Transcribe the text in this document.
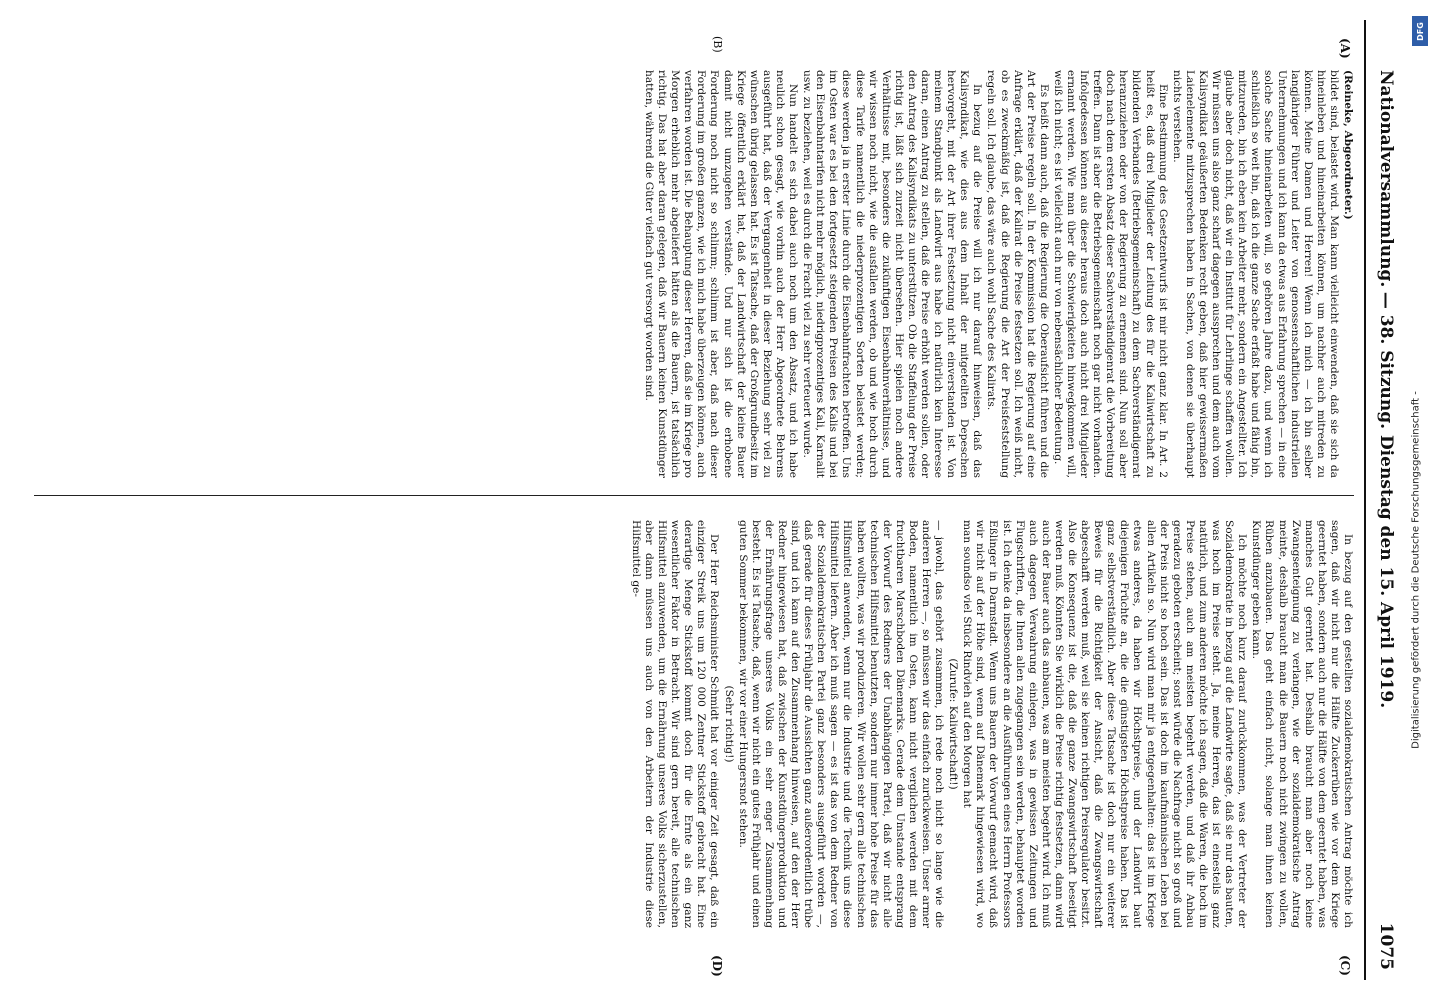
Nationalversammlung.
— 38. Sitzung. Dienstag den 15. April 1919.
1075
(A)
(B)
(C)
(D)

(Reineke, Abgeordneter.)

bildet sind, belastet wird. Man kann vielleicht einwenden, daß sie sich da hineinleben und hineinarbeiten können, um nachher auch mitreden zu können. Meine Damen und Herren! Wenn ich mich — ich bin selber langjähriger Führer und Leiter von genossenschaftlichen industriellen Unternehmungen und ich kann da etwas aus Erfahrung sprechen — in eine solche Sache hineinarbeiten will, so gehören Jahre dazu, und wenn ich schließlich so weit bin, daß ich die ganze Sache erfaßt habe und fähig bin, mitzureden, bin ich eben kein Arbeiter mehr, sondern ein Angestellter. Ich glaube aber doch nicht, daß wir ein Institut für Lehrlinge schaffen wollen. Wir müssen uns also ganz scharf dagegen aussprechen und dem auch vom Kalisyndikat geäußerten Bedenken recht geben, daß hier gewissermaßen Laienelemente mitzusprechen haben in Sachen, von denen sie überhaupt nichts verstehen.

Eine Bestimmung des Gesetzentwurfs ist mir nicht ganz klar. In Art. 2 heißt es, daß drei Mitglieder der Leitung des für die Kaliwirtschaft zu bildenden Verbandes (Betriebsgemeinschaft) zu dem Sachverständigenrat heranzuziehen oder von der Regierung zu ernennen sind. Nun soll aber doch nach dem ersten Absatz dieser Sachverständigenrat die Vorbereitung treffen. Dann ist aber die Betriebsgemeinschaft noch gar nicht vorhanden. Infolgedessen können aus dieser heraus doch auch nicht drei Mitglieder ernannt werden. Wie man über die Schwierigkeiten hinwegkommen will, weiß ich nicht; es ist vielleicht auch nur von nebensächlicher Bedeutung.

Es heißt dann auch, daß die Regierung die Oberaufsicht führen und die Art der Preise regeln soll. In der Kommission hat die Regierung auf eine Anfrage erklärt, daß der Kalirat die Preise festsetzen soll. Ich weiß nicht, ob es zweckmäßig ist, daß die Regierung die Art der Preisfeststellung regeln soll. Ich glaube, das wäre auch wohl Sache des Kalirats.

In bezug auf die Preise will ich nur darauf hinweisen, daß das Kalisyndikat, wie dies aus dem Inhalt der mitgeteilten Depeschen hervorgeht, mit der Art ihrer Festsetzung nicht einverstanden ist. Von meinem Standpunkt als Landwirt aus habe ich natürlich kein Interesse daran, einen Antrag zu stellen, daß die Preise erhöht werden sollen, oder den Antrag des Kalisyndikats zu unterstützen. Ob die Staffelung der Preise richtig ist, läßt sich zurzeit nicht übersehen. Hier spielen noch andere Verhältnisse mit, besonders die zukünftigen Eisenbahnverhältnisse, und wir wissen noch nicht, wie die ausfallen werden, ob und wie hoch durch diese Tarife namentlich die niederprozentigen Sorten belastet werden; diese werden ja in erster Linie durch die Eisenbahnfrachten betroffen. Uns im Osten war es bei den fortgesetzt steigenden Preisen des Kalis und bei den Eisenbahntarifen nicht mehr möglich, niedrigprozentiges Kali, Karnalit usw. zu beziehen, weil es durch die Fracht viel zu sehr verteuert wurde.

Nun handelt es sich dabei auch noch um den Absatz, und ich habe neulich schon gesagt, wie vorhin auch der Herr Abgeordnete Behrens ausgeführt hat, daß der Vergangenheit in dieser Beziehung sehr viel zu wünschen übrig gelassen hat. Es ist Tatsache, daß der Großgrundbesitz im Kriege öffentlich erklärt hat, daß der Landwirtschaft der kleine Bauer damit nicht umzugehen verstände. Und nur sich ist die erhobene Forderung noch nicht so schlimm; schlimm ist aber, daß nach dieser Forderung im großen ganzen, wie ich mich habe überzeugen können, auch verfahren worden ist. Die Behauptung dieser Herren, daß sie im Kriege pro Morgen erheblich mehr abgeliefert hätten als die Bauern, ist tatsächlich richtig. Das hat aber daran gelegen, daß wir Bauern keinen Kunstdünger hatten, während die Güter vielfach gut versorgt worden sind.

In bezug auf den gestellten sozialdemokratischen Antrag möchte ich sagen, daß wir nicht nur die Hälfte Zuckerrüben wie vor dem Kriege geerntet haben, sondern auch nur die Hälfte von dem geerntet haben, was manches Gut geerntet hat. Deshalb braucht man aber noch keine Zwangsenteignung zu verlangen, wie der sozialdemokratische Antrag meinte, deshalb braucht man die Bauern noch nicht zwingen zu wollen, Rüben anzubauen. Das geht einfach nicht, solange man ihnen keinen Kunstdünger geben kann.

Ich möchte noch kurz darauf zurückkommen, was der Vertreter der Sozialdemokratie in bezug auf die Landwirte sagte, daß sie nur das bauten, was hoch im Preise steht. Ja, meine Herren, das ist einesteils ganz natürlich, und zum anderen möchte ich sagen, daß die Waren, die hoch im Preise stehen, auch am meisten begehrt werden, und daß ihr Anbau geradezu geboten erscheint; sonst würde die Nachfrage nicht so groß und der Preis nicht so hoch sein. Das ist doch im kaufmännischen Leben bei allen Artikeln so. Nun wird man mir ja entgegenhalten: das ist im Kriege etwas anderes, da haben wir Höchstpreise, und der Landwirt baut diejenigen Früchte an, die die günstigsten Höchstpreise haben. Das ist ganz selbstverständlich. Aber diese Tatsache ist doch nur ein weiterer Beweis für die Richtigkeit der Ansicht, daß die Zwangswirtschaft abgeschafft werden muß, weil sie keinen richtigen Preisregulator besitzt. Also die Konsequenz ist die, daß die ganze Zwangswirtschaft beseitigt werden muß. Könnten Sie wirklich die Preise richtig festsetzen, dann wird auch der Bauer auch das anbauen, was am meisten begehrt wird. Ich muß auch dagegen Verwahrung einlegen, was in gewissen Zeitungen und Flugschriften, die Ihnen allen zugegangen sein werden, behauptet worden ist. Ich denke da insbesondere an die Ausführungen eines Herrn Professors Eßlinger in Darmstadt. Wenn uns Bauern der Vorwurf gemacht wird, daß wir nicht auf der Höhe sind, wenn auf Dänemark hingewiesen wird, wo man soundso viel Stück Rindvieh auf den Morgen hat

(Zurufe: Kaliwirtschaft!)

— jawohl, das gehört zusammen, ich rede noch nicht so lange wie die anderen Herren —, so müssen wir das einfach zurückweisen. Unser armer Boden, namentlich im Osten, kann nicht verglichen werden mit dem fruchtbaren Marschboden Dänemarks. Gerade dem Umstande entsprang der Vorwurf des Redners der Unabhängigen Partei, daß wir nicht alle technischen Hilfsmittel benutzten, sondern nur immer hohe Preise für das haben wollten, was wir produzieren. Wir wollen sehr gern alle technischen Hilfsmittel anwenden, wenn nur die Industrie und die Technik uns diese Hilfsmittel liefern. Aber ich muß sagen — es ist das von dem Redner von der Sozialdemokratischen Partei ganz besonders ausgeführt worden —, daß gerade für dieses Frühjahr die Aussichten ganz außerordentlich trübe sind, und ich kann auf den Zusammenhang hinweisen, auf den der Herr Redner hingewiesen hat, daß zwischen der Kunstdüngerproduktion und der Ernährungsfrage unseres Volks ein sehr enger Zusammenhang besteht. Es ist Tatsache, daß, wenn wir nicht ein gutes Frühjahr und einen guten Sommer bekommen, wir vor einer Hungersnot stehen.

(Sehr richtig!)

Der Herr Reichsminister Schmidt hat vor einiger Zeit gesagt, daß ein einziger Streik uns um 120 000 Zentner Stickstoff gebracht hat. Eine derartige Menge Stickstoff kommt doch für die Ernte als ein ganz wesentlicher Faktor in Betracht. Wir sind gern bereit, alle technischen Hilfsmittel anzuwenden, um die Ernährung unseres Volks sicherzustellen, aber dann müssen uns auch von den Arbeitern der Industrie diese Hilfsmittel ge-

DFG
Digitalisierung gefördert durch die Deutsche Forschungsgemeinschaft -
